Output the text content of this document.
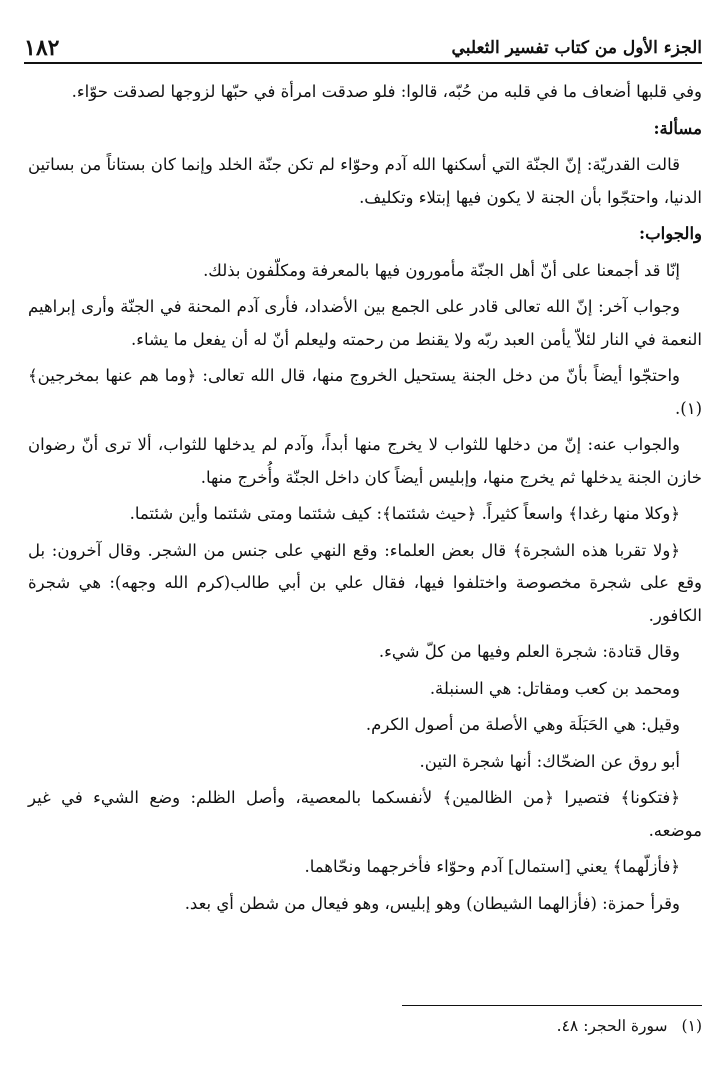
الجزء الأول من كتاب تفسير الثعلبي
١٨٢

وفي قلبها أضعاف ما في قلبه من حُبّه، قالوا: فلو صدقت امرأة في حبّها لزوجها لصدقت حوّاء.

مسألة:

قالت القدريّة: إنّ الجنّة التي أسكنها الله آدم وحوّاء لم تكن جنّة الخلد وإنما كان بستاناً من بساتين الدنيا، واحتجّوا بأن الجنة لا يكون فيها إبتلاء وتكليف.

والجواب:

إنّا قد أجمعنا على أنّ أهل الجنّة مأمورون فيها بالمعرفة ومكلّفون بذلك.

وجواب آخر: إنّ الله تعالى قادر على الجمع بين الأضداد، فأرى آدم المحنة في الجنّة وأرى إبراهيم النعمة في النار لئلاّ يأمن العبد ربّه ولا يقنط من رحمته وليعلم أنّ له أن يفعل ما يشاء.

واحتجّوا أيضاً بأنّ من دخل الجنة يستحيل الخروج منها، قال الله تعالى: ﴿وما هم عنها بمخرجين﴾(١).

والجواب عنه: إنّ من دخلها للثواب لا يخرج منها أبداً، وآدم لم يدخلها للثواب، ألا ترى أنّ رضوان خازن الجنة يدخلها ثم يخرج منها، وإبليس أيضاً كان داخل الجنّة وأُخرج منها.

﴿وكلا منها رغدا﴾ واسعاً كثيراً. ﴿حيث شئتما﴾: كيف شئتما ومتى شئتما وأين شئتما.

﴿ولا تقربا هذه الشجرة﴾ قال بعض العلماء: وقع النهي على جنس من الشجر. وقال آخرون: بل وقع على شجرة مخصوصة واختلفوا فيها، فقال علي بن أبي طالب(كرم الله وجهه): هي شجرة الكافور.

وقال قتادة: شجرة العلم وفيها من كلّ شيء.

ومحمد بن كعب ومقاتل: هي السنبلة.

وقيل: هي الحَبَلَة وهي الأصلة من أصول الكرم.

أبو روق عن الضحّاك: أنها شجرة التين.

﴿فتكونا﴾ فتصيرا ﴿من الظالمين﴾ لأنفسكما بالمعصية، وأصل الظلم: وضع الشيء في غير موضعه.

﴿فأزلّهما﴾ يعني [استمال] آدم وحوّاء فأخرجهما ونحّاهما.

وقرأ حمزة: (فأزالهما الشيطان) وهو إبليس، وهو فيعال من شطن أي بعد.

(١)سورة الحجر: ٤٨.
